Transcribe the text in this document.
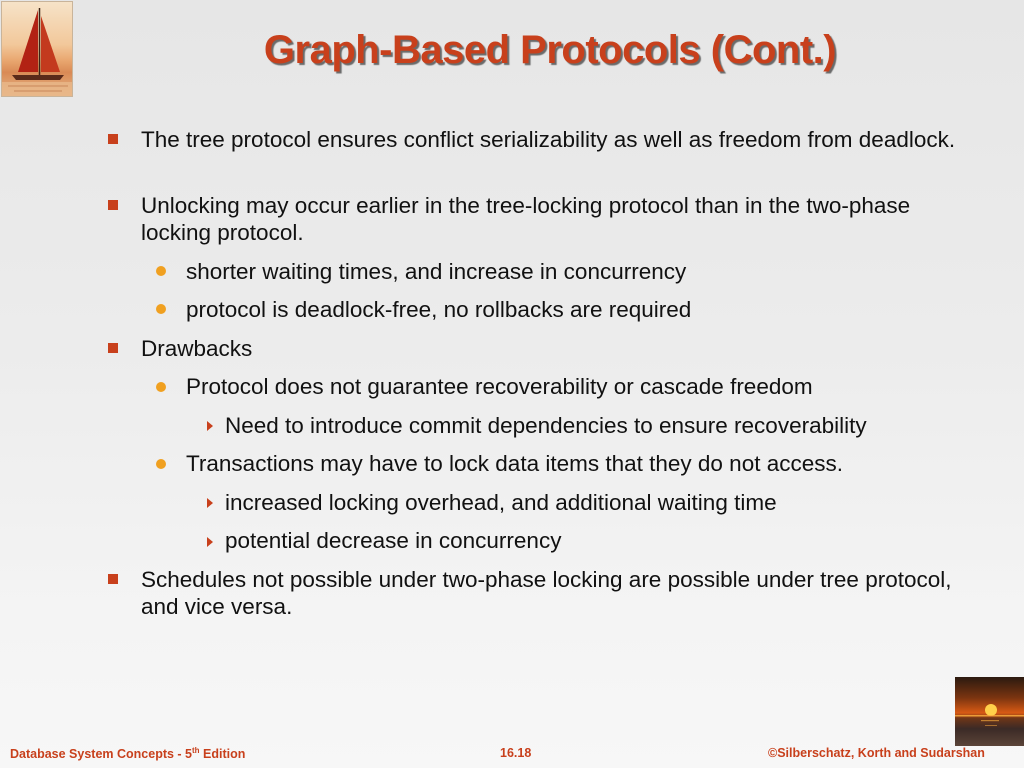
Graph-Based Protocols (Cont.)
The tree protocol ensures conflict serializability as well as freedom from deadlock.
Unlocking may occur earlier in the tree-locking protocol than in the two-phase locking protocol.
shorter waiting times, and increase in concurrency
protocol is deadlock-free, no rollbacks are required
Drawbacks
Protocol does not guarantee recoverability or cascade freedom
Need to introduce commit dependencies to ensure recoverability
Transactions may have to lock data items that they do not access.
increased locking overhead, and additional waiting time
potential decrease in concurrency
Schedules not possible under two-phase locking are possible under tree protocol, and vice versa.
Database System Concepts - 5th Edition	16.18	©Silberschatz, Korth and Sudarshan
